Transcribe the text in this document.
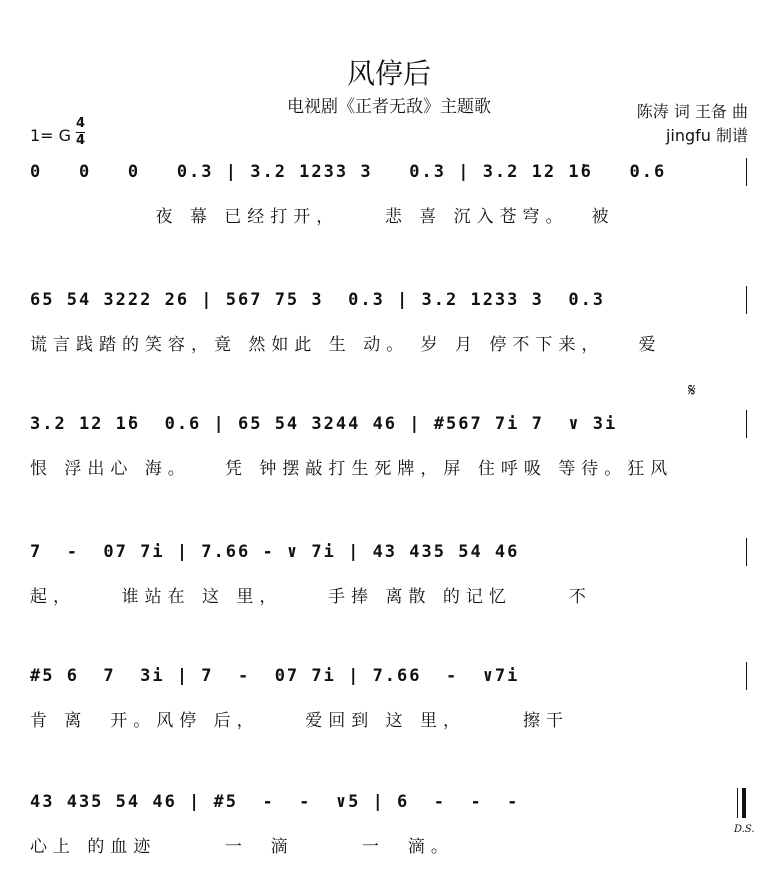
风停后
电视剧《正者无敌》主题歌	陈涛 词 王备 曲
jingfu 制谱
1= G
4
4
0   0   0   0.3 | 3.2 1233 3   0.3 | 3.2 12 1̇6   0.6
夜 幕 已经打开，    悲 喜 沉入苍穹。  被
65 54 3222 26 | 567 75 3  0.3 | 3.2 1233 3  0.3
谎言践踏的笑容，竟 然如此 生 动。 岁 月 停不下来，   爱
𝄋
3.2 12 1̇6  0.6 | 65 54 3244 46 | #567 7i 7  ∨ 3i
恨 浮出心 海。   凭 钟摆敲打生死牌，屏 住呼吸 等待。狂风
7  -  07 7i | 7.66 - ∨ 7i | 43 435 54 46
起，    谁站在 这 里，    手捧 离散 的记忆     不
#5 6  7  3i | 7  -  07 7i | 7.66  -  ∨7i
肯 离  开。风停 后，    爱回到 这 里，     擦干
43 435 54 46 | #5  -  -  ∨5 | 6  -  -  -
心上 的血迹      一  滴      一  滴。
D.S.
